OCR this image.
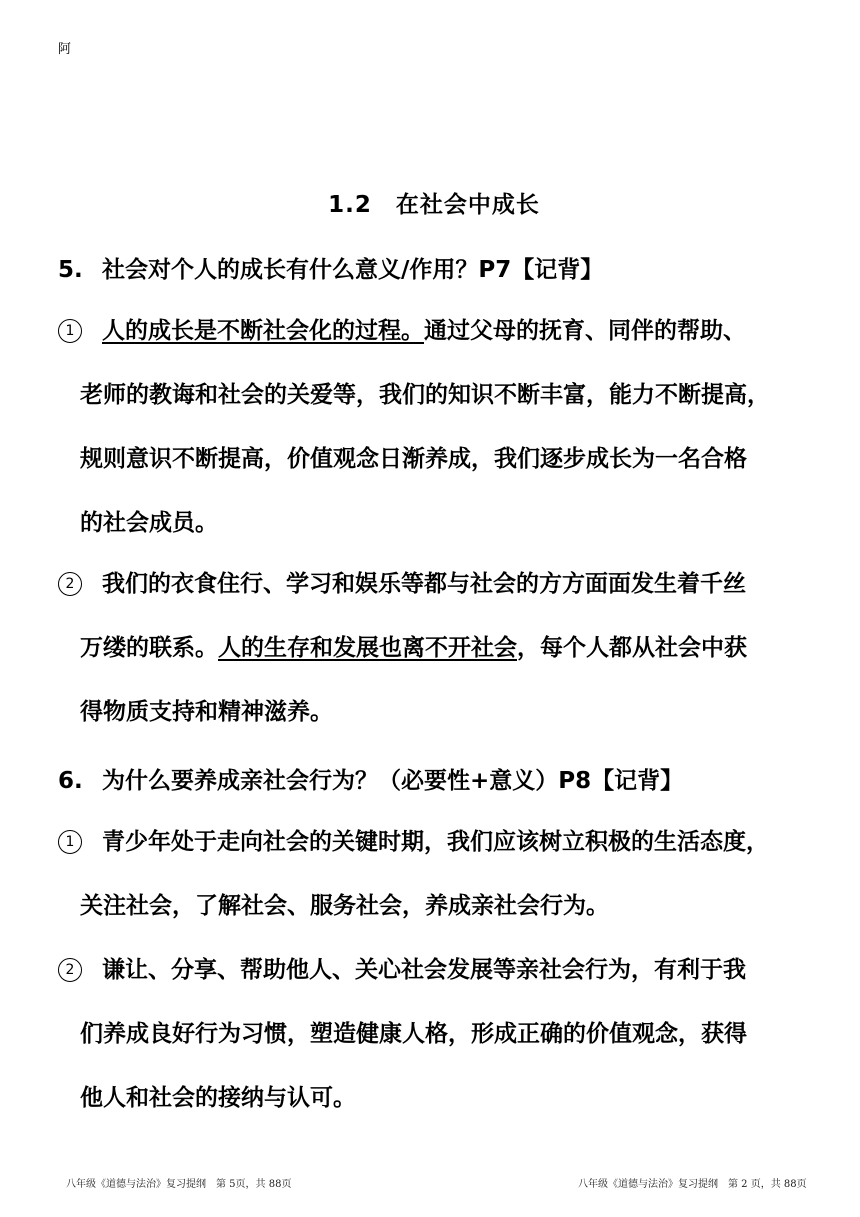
阿
1.2　在社会中成长
5. 社会对个人的成长有什么意义/作用？P7【记背】
1	人的成长是不断社会化的过程。通过父母的抚育、同伴的帮助、
老师的教诲和社会的关爱等，我们的知识不断丰富，能力不断提高，
规则意识不断提高，价值观念日渐养成，我们逐步成长为一名合格
的社会成员。
2	我们的衣食住行、学习和娱乐等都与社会的方方面面发生着千丝
万缕的联系。人的生存和发展也离不开社会，每个人都从社会中获
得物质支持和精神滋养。
6. 为什么要养成亲社会行为？（必要性+意义）P8【记背】
1	青少年处于走向社会的关键时期，我们应该树立积极的生活态度，
关注社会，了解社会、服务社会，养成亲社会行为。
2	谦让、分享、帮助他人、关心社会发展等亲社会行为，有利于我
们养成良好行为习惯，塑造健康人格，形成正确的价值观念，获得
他人和社会的接纳与认可。
八年级《道德与法治》复习提纲　第 5页，共 88页	八年级《道德与法治》复习提纲　第 2 页，共 88页
